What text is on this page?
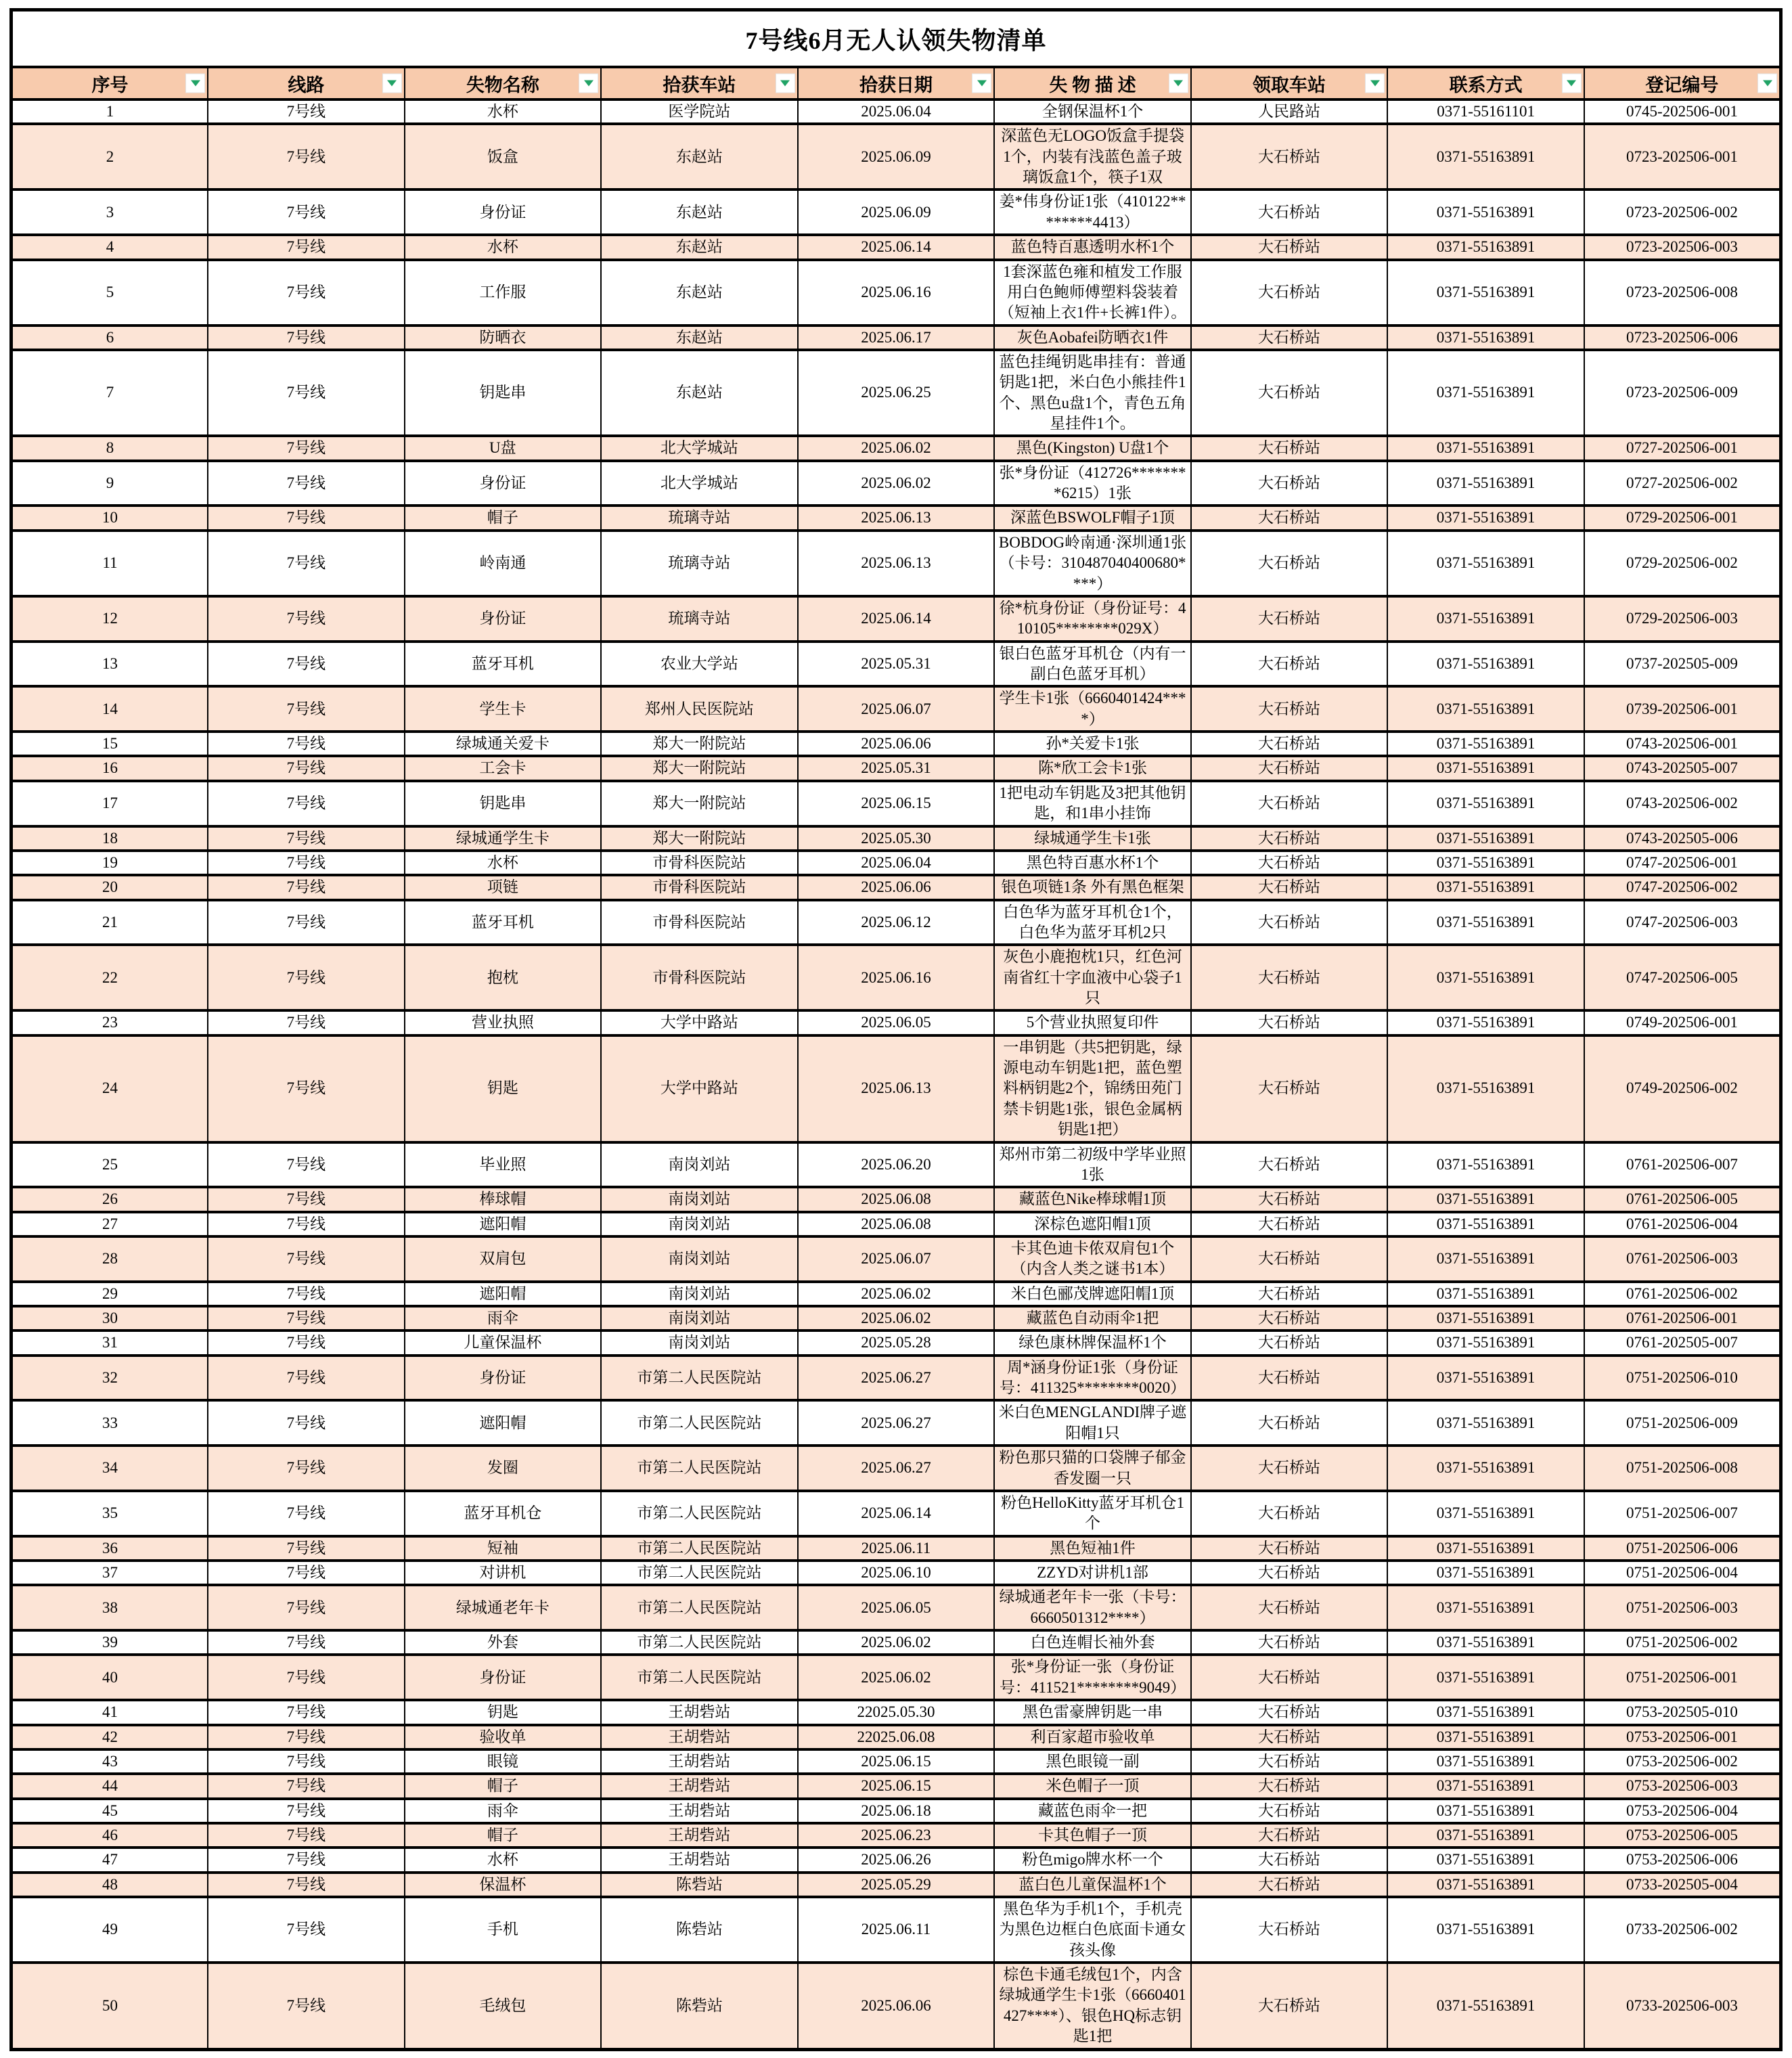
7号线6月无人认领失物清单								
序号	线路	失物名称	拾获车站	拾获日期	失 物 描 述	领取车站	联系方式	登记编号

1	7号线	水杯	医学院站	2025.06.04	全钢保温杯1个	人民路站	0371-55161101	0745-202506-001
2	7号线	饭盒	东赵站	2025.06.09	深蓝色无LOGO饭盒手提袋1个，内装有浅蓝色盖子玻璃饭盒1个，筷子1双	大石桥站	0371-55163891	0723-202506-001
3	7号线	身份证	东赵站	2025.06.09	姜*伟身份证1张（410122********4413）	大石桥站	0371-55163891	0723-202506-002
4	7号线	水杯	东赵站	2025.06.14	蓝色特百惠透明水杯1个	大石桥站	0371-55163891	0723-202506-003
5	7号线	工作服	东赵站	2025.06.16	1套深蓝色雍和植发工作服用白色鲍师傅塑料袋装着（短袖上衣1件+长裤1件）。	大石桥站	0371-55163891	0723-202506-008
6	7号线	防晒衣	东赵站	2025.06.17	灰色Aobafei防晒衣1件	大石桥站	0371-55163891	0723-202506-006
7	7号线	钥匙串	东赵站	2025.06.25	蓝色挂绳钥匙串挂有：普通钥匙1把，米白色小熊挂件1个、黑色u盘1个，青色五角星挂件1个。	大石桥站	0371-55163891	0723-202506-009
8	7号线	U盘	北大学城站	2025.06.02	黑色(Kingston) U盘1个	大石桥站	0371-55163891	0727-202506-001
9	7号线	身份证	北大学城站	2025.06.02	张*身份证（412726********6215）1张	大石桥站	0371-55163891	0727-202506-002
10	7号线	帽子	琉璃寺站	2025.06.13	深蓝色BSWOLF帽子1顶	大石桥站	0371-55163891	0729-202506-001
11	7号线	岭南通	琉璃寺站	2025.06.13	BOBDOG岭南通·深圳通1张（卡号：310487040400680****）	大石桥站	0371-55163891	0729-202506-002
12	7号线	身份证	琉璃寺站	2025.06.14	徐*杭身份证（身份证号：410105********029X）	大石桥站	0371-55163891	0729-202506-003
13	7号线	蓝牙耳机	农业大学站	2025.05.31	银白色蓝牙耳机仓（内有一副白色蓝牙耳机）	大石桥站	0371-55163891	0737-202505-009
14	7号线	学生卡	郑州人民医院站	2025.06.07	学生卡1张（6660401424****）	大石桥站	0371-55163891	0739-202506-001
15	7号线	绿城通关爱卡	郑大一附院站	2025.06.06	孙*关爱卡1张	大石桥站	0371-55163891	0743-202506-001
16	7号线	工会卡	郑大一附院站	2025.05.31	陈*欣工会卡1张	大石桥站	0371-55163891	0743-202505-007
17	7号线	钥匙串	郑大一附院站	2025.06.15	1把电动车钥匙及3把其他钥匙，和1串小挂饰	大石桥站	0371-55163891	0743-202506-002
18	7号线	绿城通学生卡	郑大一附院站	2025.05.30	绿城通学生卡1张	大石桥站	0371-55163891	0743-202505-006
19	7号线	水杯	市骨科医院站	2025.06.04	黑色特百惠水杯1个	大石桥站	0371-55163891	0747-202506-001
20	7号线	项链	市骨科医院站	2025.06.06	银色项链1条 外有黑色框架	大石桥站	0371-55163891	0747-202506-002
21	7号线	蓝牙耳机	市骨科医院站	2025.06.12	白色华为蓝牙耳机仓1个，白色华为蓝牙耳机2只	大石桥站	0371-55163891	0747-202506-003
22	7号线	抱枕	市骨科医院站	2025.06.16	灰色小鹿抱枕1只，红色河南省红十字血液中心袋子1只	大石桥站	0371-55163891	0747-202506-005
23	7号线	营业执照	大学中路站	2025.06.05	5个营业执照复印件	大石桥站	0371-55163891	0749-202506-001
24	7号线	钥匙	大学中路站	2025.06.13	一串钥匙（共5把钥匙，绿源电动车钥匙1把，蓝色塑料柄钥匙2个，锦绣田苑门禁卡钥匙1张，银色金属柄钥匙1把）	大石桥站	0371-55163891	0749-202506-002
25	7号线	毕业照	南岗刘站	2025.06.20	郑州市第二初级中学毕业照1张	大石桥站	0371-55163891	0761-202506-007
26	7号线	棒球帽	南岗刘站	2025.06.08	藏蓝色Nike棒球帽1顶	大石桥站	0371-55163891	0761-202506-005
27	7号线	遮阳帽	南岗刘站	2025.06.08	深棕色遮阳帽1顶	大石桥站	0371-55163891	0761-202506-004
28	7号线	双肩包	南岗刘站	2025.06.07	卡其色迪卡侬双肩包1个（内含人类之谜书1本）	大石桥站	0371-55163891	0761-202506-003
29	7号线	遮阳帽	南岗刘站	2025.06.02	米白色郦茂牌遮阳帽1顶	大石桥站	0371-55163891	0761-202506-002
30	7号线	雨伞	南岗刘站	2025.06.02	藏蓝色自动雨伞1把	大石桥站	0371-55163891	0761-202506-001
31	7号线	儿童保温杯	南岗刘站	2025.05.28	绿色康林牌保温杯1个	大石桥站	0371-55163891	0761-202505-007
32	7号线	身份证	市第二人民医院站	2025.06.27	周*涵身份证1张（身份证号：411325********0020）	大石桥站	0371-55163891	0751-202506-010
33	7号线	遮阳帽	市第二人民医院站	2025.06.27	米白色MENGLANDI牌子遮阳帽1只	大石桥站	0371-55163891	0751-202506-009
34	7号线	发圈	市第二人民医院站	2025.06.27	粉色那只猫的口袋牌子郁金香发圈一只	大石桥站	0371-55163891	0751-202506-008
35	7号线	蓝牙耳机仓	市第二人民医院站	2025.06.14	粉色HelloKitty蓝牙耳机仓1个	大石桥站	0371-55163891	0751-202506-007
36	7号线	短袖	市第二人民医院站	2025.06.11	黑色短袖1件	大石桥站	0371-55163891	0751-202506-006
37	7号线	对讲机	市第二人民医院站	2025.06.10	ZZYD对讲机1部	大石桥站	0371-55163891	0751-202506-004
38	7号线	绿城通老年卡	市第二人民医院站	2025.06.05	绿城通老年卡一张（卡号：6660501312****）	大石桥站	0371-55163891	0751-202506-003
39	7号线	外套	市第二人民医院站	2025.06.02	白色连帽长袖外套	大石桥站	0371-55163891	0751-202506-002
40	7号线	身份证	市第二人民医院站	2025.06.02	张*身份证一张（身份证号：411521********9049）	大石桥站	0371-55163891	0751-202506-001
41	7号线	钥匙	王胡砦站	22025.05.30	黑色雷豪牌钥匙一串	大石桥站	0371-55163891	0753-202505-010
42	7号线	验收单	王胡砦站	22025.06.08	利百家超市验收单	大石桥站	0371-55163891	0753-202506-001
43	7号线	眼镜	王胡砦站	2025.06.15	黑色眼镜一副	大石桥站	0371-55163891	0753-202506-002
44	7号线	帽子	王胡砦站	2025.06.15	米色帽子一顶	大石桥站	0371-55163891	0753-202506-003
45	7号线	雨伞	王胡砦站	2025.06.18	藏蓝色雨伞一把	大石桥站	0371-55163891	0753-202506-004
46	7号线	帽子	王胡砦站	2025.06.23	卡其色帽子一顶	大石桥站	0371-55163891	0753-202506-005
47	7号线	水杯	王胡砦站	2025.06.26	粉色migo牌水杯一个	大石桥站	0371-55163891	0753-202506-006
48	7号线	保温杯	陈砦站	2025.05.29	蓝白色儿童保温杯1个	大石桥站	0371-55163891	0733-202505-004
49	7号线	手机	陈砦站	2025.06.11	黑色华为手机1个，手机壳为黑色边框白色底面卡通女孩头像	大石桥站	0371-55163891	0733-202506-002
50	7号线	毛绒包	陈砦站	2025.06.06	棕色卡通毛绒包1个，内含绿城通学生卡1张（6660401427****）、银色HQ标志钥匙1把	大石桥站	0371-55163891	0733-202506-003
